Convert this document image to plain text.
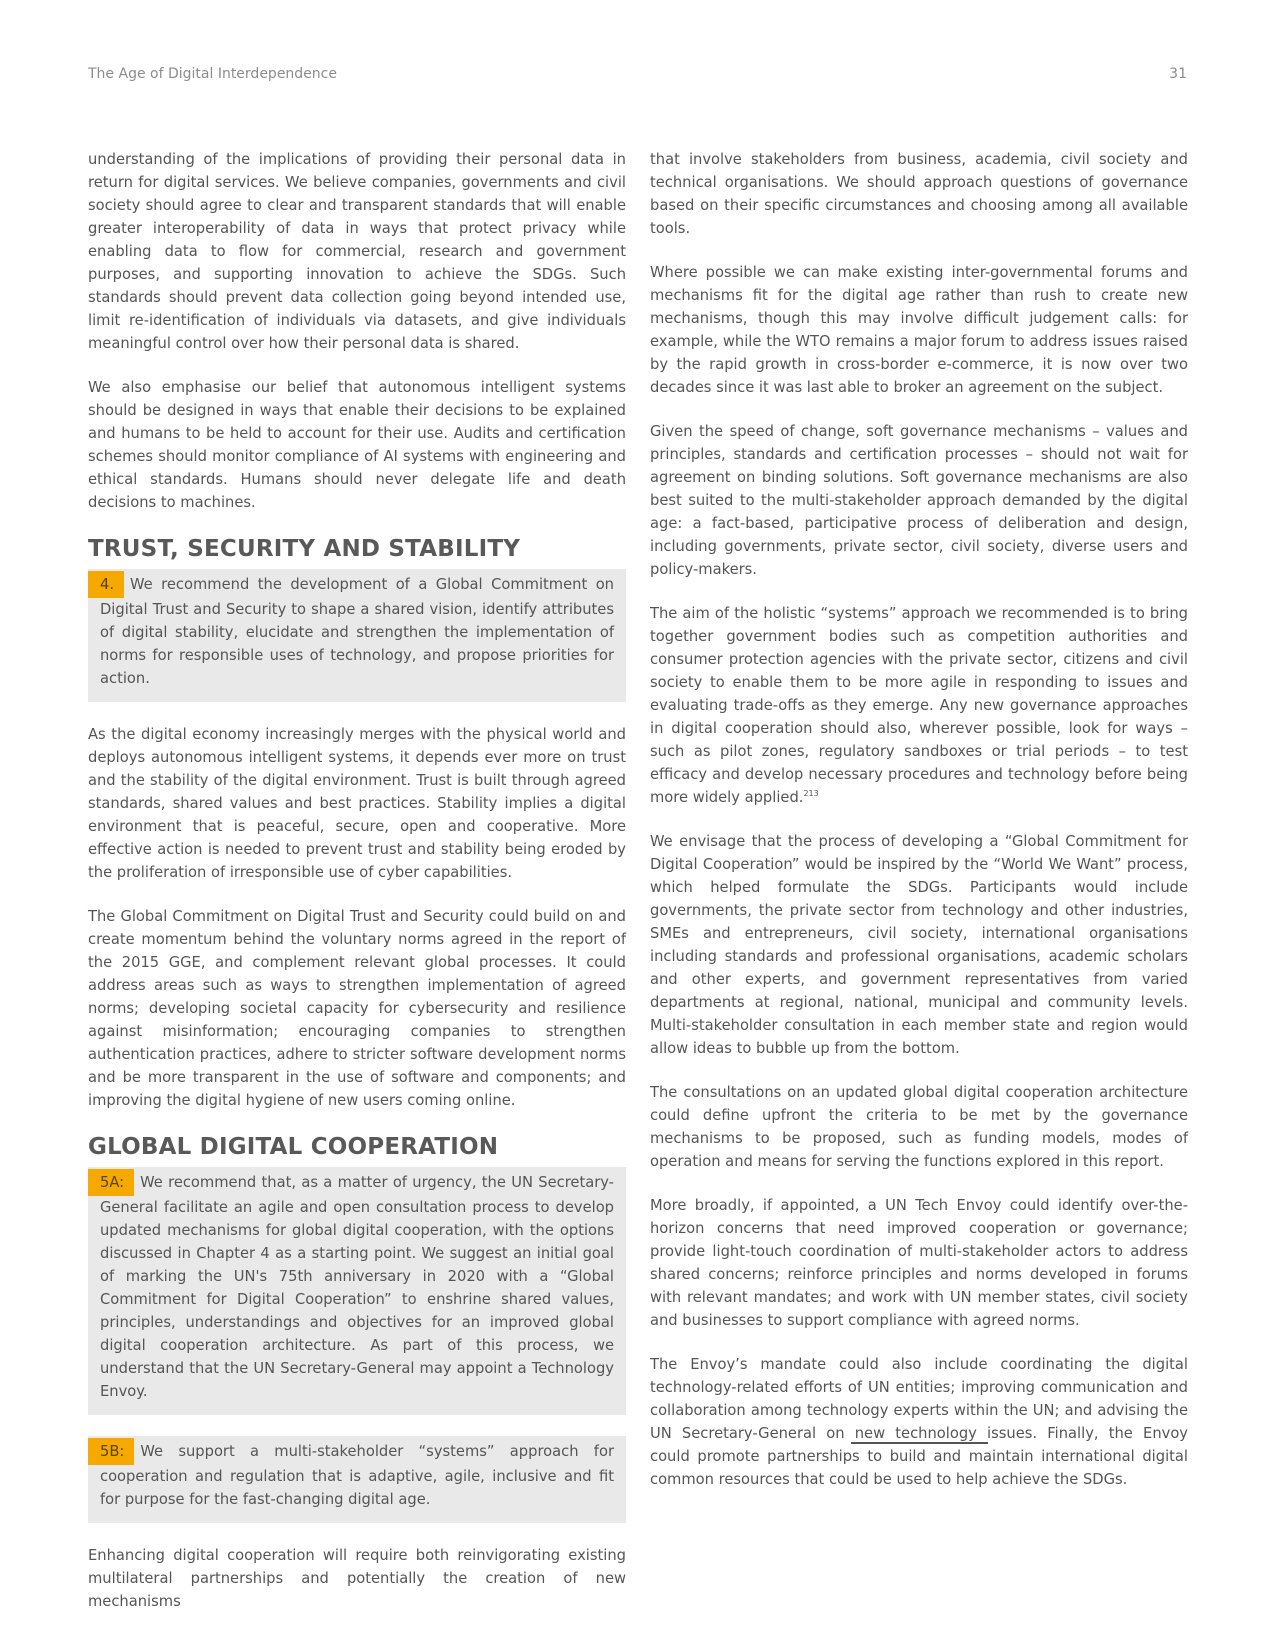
The Age of Digital Interdependence	31

understanding of the implications of providing their personal data in return for digital services. We believe companies, governments and civil society should agree to clear and transparent standards that will enable greater interoperability of data in ways that protect privacy while enabling data to flow for commercial, research and government purposes, and supporting innovation to achieve the SDGs. Such standards should prevent data collection going beyond intended use, limit re-identification of individuals via datasets, and give individuals meaningful control over how their personal data is shared.

We also emphasise our belief that autonomous intelligent systems should be designed in ways that enable their decisions to be explained and humans to be held to account for their use. Audits and certification schemes should monitor compliance of AI systems with engineering and ethical standards. Humans should never delegate life and death decisions to machines.

TRUST, SECURITY AND STABILITY
4. We recommend the development of a Global Commitment on Digital Trust and Security to shape a shared vision, identify attributes of digital stability, elucidate and strengthen the implementation of norms for responsible uses of technology, and propose priorities for action.

As the digital economy increasingly merges with the physical world and deploys autonomous intelligent systems, it depends ever more on trust and the stability of the digital environment. Trust is built through agreed standards, shared values and best practices. Stability implies a digital environment that is peaceful, secure, open and cooperative. More effective action is needed to prevent trust and stability being eroded by the proliferation of irresponsible use of cyber capabilities.

The Global Commitment on Digital Trust and Security could build on and create momentum behind the voluntary norms agreed in the report of the 2015 GGE, and complement relevant global processes. It could address areas such as ways to strengthen implementation of agreed norms; developing societal capacity for cybersecurity and resilience against misinformation; encouraging companies to strengthen authentication practices, adhere to stricter software development norms and be more transparent in the use of software and components; and improving the digital hygiene of new users coming online.

GLOBAL DIGITAL COOPERATION
5A: We recommend that, as a matter of urgency, the UN Secretary-General facilitate an agile and open consultation process to develop updated mechanisms for global digital cooperation, with the options discussed in Chapter 4 as a starting point. We suggest an initial goal of marking the UN's 75th anniversary in 2020 with a “Global Commitment for Digital Cooperation” to enshrine shared values, principles, understandings and objectives for an improved global digital cooperation architecture. As part of this process, we understand that the UN Secretary-General may appoint a Technology Envoy.
5B: We support a multi-stakeholder “systems” approach for cooperation and regulation that is adaptive, agile, inclusive and fit for purpose for the fast-changing digital age.

Enhancing digital cooperation will require both reinvigorating existing multilateral partnerships and potentially the creation of new mechanisms

that involve stakeholders from business, academia, civil society and technical organisations. We should approach questions of governance based on their specific circumstances and choosing among all available tools.

Where possible we can make existing inter-governmental forums and mechanisms fit for the digital age rather than rush to create new mechanisms, though this may involve difficult judgement calls: for example, while the WTO remains a major forum to address issues raised by the rapid growth in cross-border e-commerce, it is now over two decades since it was last able to broker an agreement on the subject.

Given the speed of change, soft governance mechanisms – values and principles, standards and certification processes – should not wait for agreement on binding solutions. Soft governance mechanisms are also best suited to the multi-stakeholder approach demanded by the digital age: a fact-based, participative process of deliberation and design, including governments, private sector, civil society, diverse users and policy-makers.

The aim of the holistic “systems” approach we recommended is to bring together government bodies such as competition authorities and consumer protection agencies with the private sector, citizens and civil society to enable them to be more agile in responding to issues and evaluating trade-offs as they emerge. Any new governance approaches in digital cooperation should also, wherever possible, look for ways – such as pilot zones, regulatory sandboxes or trial periods – to test efficacy and develop necessary procedures and technology before being more widely applied.$^{213}$

We envisage that the process of developing a “Global Commitment for Digital Cooperation” would be inspired by the “World We Want” process, which helped formulate the SDGs. Participants would include governments, the private sector from technology and other industries, SMEs and entrepreneurs, civil society, international organisations including standards and professional organisations, academic scholars and other experts, and government representatives from varied departments at regional, national, municipal and community levels. Multi-stakeholder consultation in each member state and region would allow ideas to bubble up from the bottom.

The consultations on an updated global digital cooperation architecture could define upfront the criteria to be met by the governance mechanisms to be proposed, such as funding models, modes of operation and means for serving the functions explored in this report.

More broadly, if appointed, a UN Tech Envoy could identify over-the-horizon concerns that need improved cooperation or governance; provide light-touch coordination of multi-stakeholder actors to address shared concerns; reinforce principles and norms developed in forums with relevant mandates; and work with UN member states, civil society and businesses to support compliance with agreed norms.

The Envoy’s mandate could also include coordinating the digital technology-related efforts of UN entities; improving communication and collaboration among technology experts within the UN; and advising the UN Secretary-General on new technology issues. Finally, the Envoy could promote partnerships to build and maintain international digital common resources that could be used to help achieve the SDGs.
